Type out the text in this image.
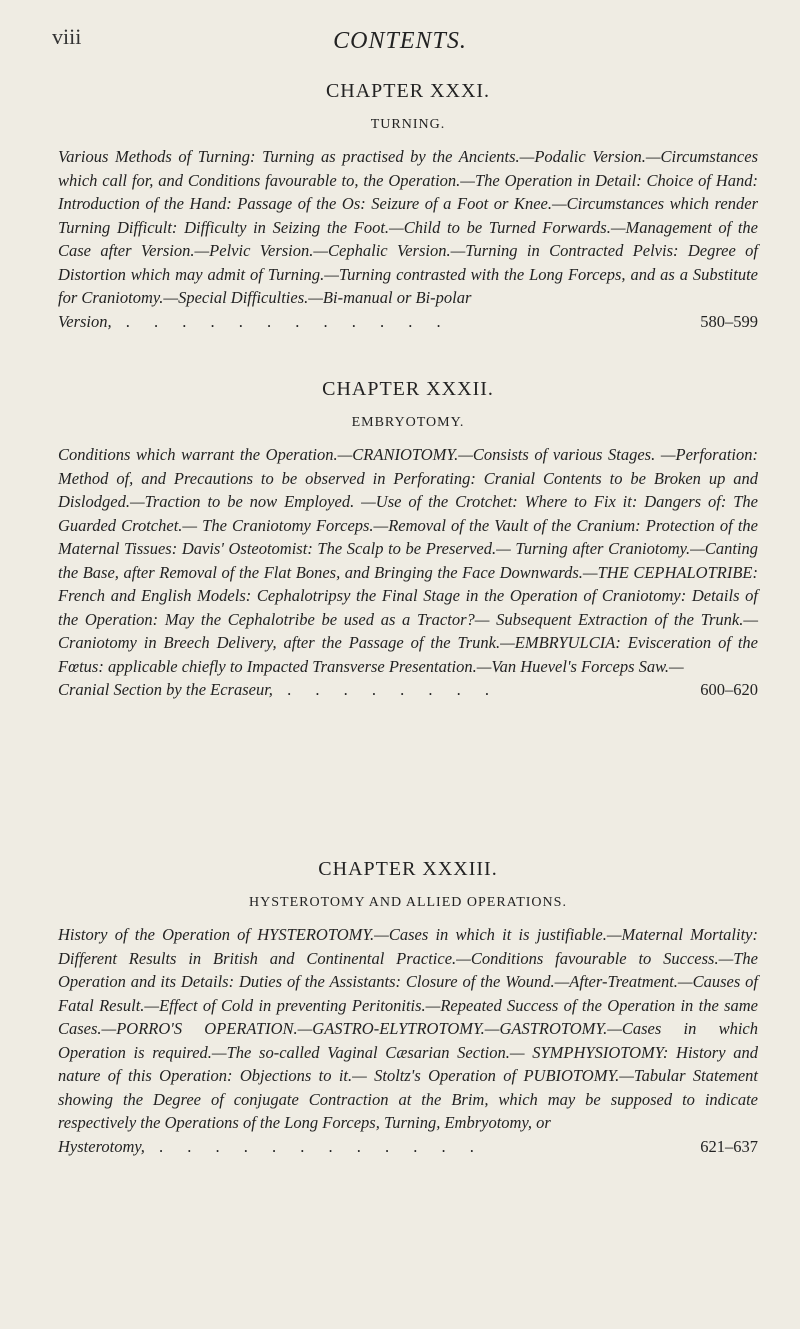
viii	CONTENTS.
CHAPTER XXXI.
TURNING.

Various Methods of Turning: Turning as practised by the Ancients.—Podalic Version.—Circumstances which call for, and Conditions favourable to, the Operation.—The Operation in Detail: Choice of Hand: Introduction of the Hand: Passage of the Os: Seizure of a Foot or Knee.—Circumstances which render Turning Difficult: Difficulty in Seizing the Foot.—Child to be Turned Forwards.—Management of the Case after Version.—Pelvic Version.—Cephalic Version.—Turning in Contracted Pelvis: Degree of Distortion which may admit of Turning.—Turning contrasted with the Long Forceps, and as a Substitute for Craniotomy.—Special Difficulties.—Bi-manual or Bi-polar

Version, . . . . . . . . . . . .	580–599
CHAPTER XXXII.
EMBRYOTOMY.

Conditions which warrant the Operation.—CRANIOTOMY.—Consists of various Stages. —Perforation: Method of, and Precautions to be observed in Perforating: Cranial Contents to be Broken up and Dislodged.—Traction to be now Employed. —Use of the Crotchet: Where to Fix it: Dangers of: The Guarded Crotchet.— The Craniotomy Forceps.—Removal of the Vault of the Cranium: Protection of the Maternal Tissues: Davis' Osteotomist: The Scalp to be Preserved.— Turning after Craniotomy.—Canting the Base, after Removal of the Flat Bones, and Bringing the Face Downwards.—THE CEPHALOTRIBE: French and English Models: Cephalotripsy the Final Stage in the Operation of Craniotomy: Details of the Operation: May the Cephalotribe be used as a Tractor?— Subsequent Extraction of the Trunk.—Craniotomy in Breech Delivery, after the Passage of the Trunk.—EMBRYULCIA: Evisceration of the Fœtus: applicable chiefly to Impacted Transverse Presentation.—Van Huevel's Forceps Saw.—

Cranial Section by the Ecraseur, . . . . . . . .	600–620
CHAPTER XXXIII.
HYSTEROTOMY AND ALLIED OPERATIONS.

History of the Operation of HYSTEROTOMY.—Cases in which it is justifiable.—Maternal Mortality: Different Results in British and Continental Practice.—Conditions favourable to Success.—The Operation and its Details: Duties of the Assistants: Closure of the Wound.—After-Treatment.—Causes of Fatal Result.—Effect of Cold in preventing Peritonitis.—Repeated Success of the Operation in the same Cases.—PORRO'S OPERATION.—GASTRO-ELYTROTOMY.—GASTROTOMY.—Cases in which Operation is required.—The so-called Vaginal Cæsarian Section.— SYMPHYSIOTOMY: History and nature of this Operation: Objections to it.— Stoltz's Operation of PUBIOTOMY.—Tabular Statement showing the Degree of conjugate Contraction at the Brim, which may be supposed to indicate respectively the Operations of the Long Forceps, Turning, Embryotomy, or

Hysterotomy, . . . . . . . . . . . .	621–637
